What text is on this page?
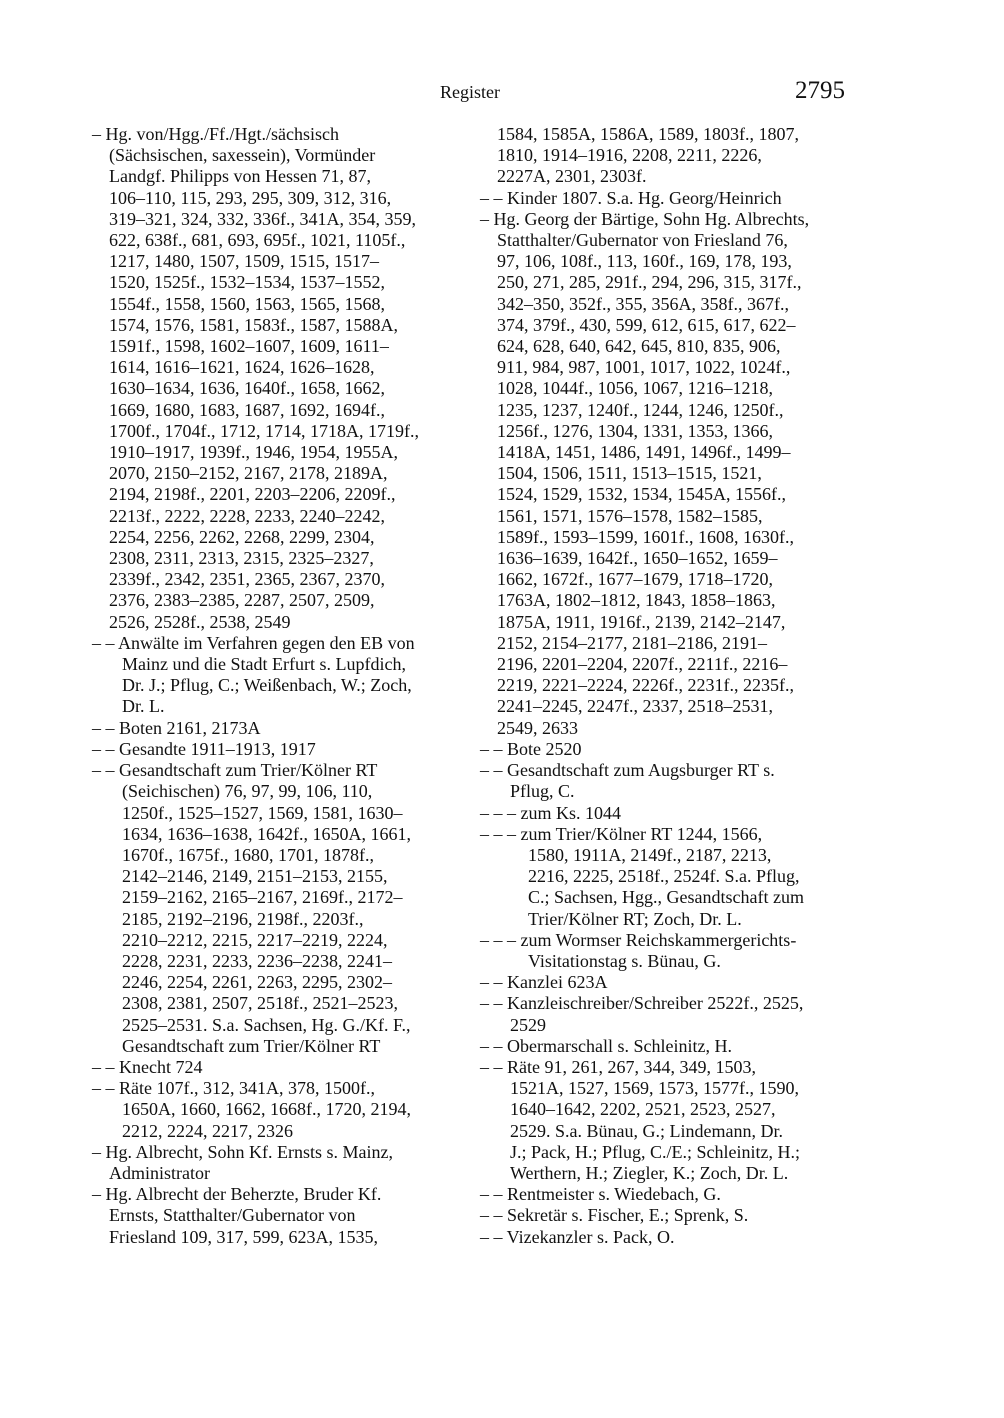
Register	2795
– Hg. von/Hgg./Ff./Hgt./sächsisch
(Sächsischen, saxessein), Vormünder
Landgf. Philipps von Hessen 71, 87,
106–110, 115, 293, 295, 309, 312, 316,
319–321, 324, 332, 336f., 341A, 354, 359,
622, 638f., 681, 693, 695f., 1021, 1105f.,
1217, 1480, 1507, 1509, 1515, 1517–
1520, 1525f., 1532–1534, 1537–1552,
1554f., 1558, 1560, 1563, 1565, 1568,
1574, 1576, 1581, 1583f., 1587, 1588A,
1591f., 1598, 1602–1607, 1609, 1611–
1614, 1616–1621, 1624, 1626–1628,
1630–1634, 1636, 1640f., 1658, 1662,
1669, 1680, 1683, 1687, 1692, 1694f.,
1700f., 1704f., 1712, 1714, 1718A, 1719f.,
1910–1917, 1939f., 1946, 1954, 1955A,
2070, 2150–2152, 2167, 2178, 2189A,
2194, 2198f., 2201, 2203–2206, 2209f.,
2213f., 2222, 2228, 2233, 2240–2242,
2254, 2256, 2262, 2268, 2299, 2304,
2308, 2311, 2313, 2315, 2325–2327,
2339f., 2342, 2351, 2365, 2367, 2370,
2376, 2383–2385, 2287, 2507, 2509,
2526, 2528f., 2538, 2549
– – Anwälte im Verfahren gegen den EB von
Mainz und die Stadt Erfurt s. Lupfdich,
Dr. J.; Pflug, C.; Weißenbach, W.; Zoch,
Dr. L.
– – Boten 2161, 2173A
– – Gesandte 1911–1913, 1917
– – Gesandtschaft zum Trier/Kölner RT
(Seichischen) 76, 97, 99, 106, 110,
1250f., 1525–1527, 1569, 1581, 1630–
1634, 1636–1638, 1642f., 1650A, 1661,
1670f., 1675f., 1680, 1701, 1878f.,
2142–2146, 2149, 2151–2153, 2155,
2159–2162, 2165–2167, 2169f., 2172–
2185, 2192–2196, 2198f., 2203f.,
2210–2212, 2215, 2217–2219, 2224,
2228, 2231, 2233, 2236–2238, 2241–
2246, 2254, 2261, 2263, 2295, 2302–
2308, 2381, 2507, 2518f., 2521–2523,
2525–2531. S.a. Sachsen, Hg. G./Kf. F.,
Gesandtschaft zum Trier/Kölner RT
– – Knecht 724
– – Räte 107f., 312, 341A, 378, 1500f.,
1650A, 1660, 1662, 1668f., 1720, 2194,
2212, 2224, 2217, 2326
– Hg. Albrecht, Sohn Kf. Ernsts s. Mainz,
Administrator
– Hg. Albrecht der Beherzte, Bruder Kf.
Ernsts, Statthalter/Gubernator von
Friesland 109, 317, 599, 623A, 1535,
1584, 1585A, 1586A, 1589, 1803f., 1807,
1810, 1914–1916, 2208, 2211, 2226,
2227A, 2301, 2303f.
– – Kinder 1807. S.a. Hg. Georg/Heinrich
– Hg. Georg der Bärtige, Sohn Hg. Albrechts,
Statthalter/Gubernator von Friesland 76,
97, 106, 108f., 113, 160f., 169, 178, 193,
250, 271, 285, 291f., 294, 296, 315, 317f.,
342–350, 352f., 355, 356A, 358f., 367f.,
374, 379f., 430, 599, 612, 615, 617, 622–
624, 628, 640, 642, 645, 810, 835, 906,
911, 984, 987, 1001, 1017, 1022, 1024f.,
1028, 1044f., 1056, 1067, 1216–1218,
1235, 1237, 1240f., 1244, 1246, 1250f.,
1256f., 1276, 1304, 1331, 1353, 1366,
1418A, 1451, 1486, 1491, 1496f., 1499–
1504, 1506, 1511, 1513–1515, 1521,
1524, 1529, 1532, 1534, 1545A, 1556f.,
1561, 1571, 1576–1578, 1582–1585,
1589f., 1593–1599, 1601f., 1608, 1630f.,
1636–1639, 1642f., 1650–1652, 1659–
1662, 1672f., 1677–1679, 1718–1720,
1763A, 1802–1812, 1843, 1858–1863,
1875A, 1911, 1916f., 2139, 2142–2147,
2152, 2154–2177, 2181–2186, 2191–
2196, 2201–2204, 2207f., 2211f., 2216–
2219, 2221–2224, 2226f., 2231f., 2235f.,
2241–2245, 2247f., 2337, 2518–2531,
2549, 2633
– – Bote 2520
– – Gesandtschaft zum Augsburger RT s.
Pflug, C.
– – – zum Ks. 1044
– – – zum Trier/Kölner RT 1244, 1566,
1580, 1911A, 2149f., 2187, 2213,
2216, 2225, 2518f., 2524f. S.a. Pflug,
C.; Sachsen, Hgg., Gesandtschaft zum
Trier/Kölner RT; Zoch, Dr. L.
– – – zum Wormser Reichskammergerichts-
Visitationstag s. Bünau, G.
– – Kanzlei 623A
– – Kanzleischreiber/Schreiber 2522f., 2525,
2529
– – Obermarschall s. Schleinitz, H.
– – Räte 91, 261, 267, 344, 349, 1503,
1521A, 1527, 1569, 1573, 1577f., 1590,
1640–1642, 2202, 2521, 2523, 2527,
2529. S.a. Bünau, G.; Lindemann, Dr.
J.; Pack, H.; Pflug, C./E.; Schleinitz, H.;
Werthern, H.; Ziegler, K.; Zoch, Dr. L.
– – Rentmeister s. Wiedebach, G.
– – Sekretär s. Fischer, E.; Sprenk, S.
– – Vizekanzler s. Pack, O.
